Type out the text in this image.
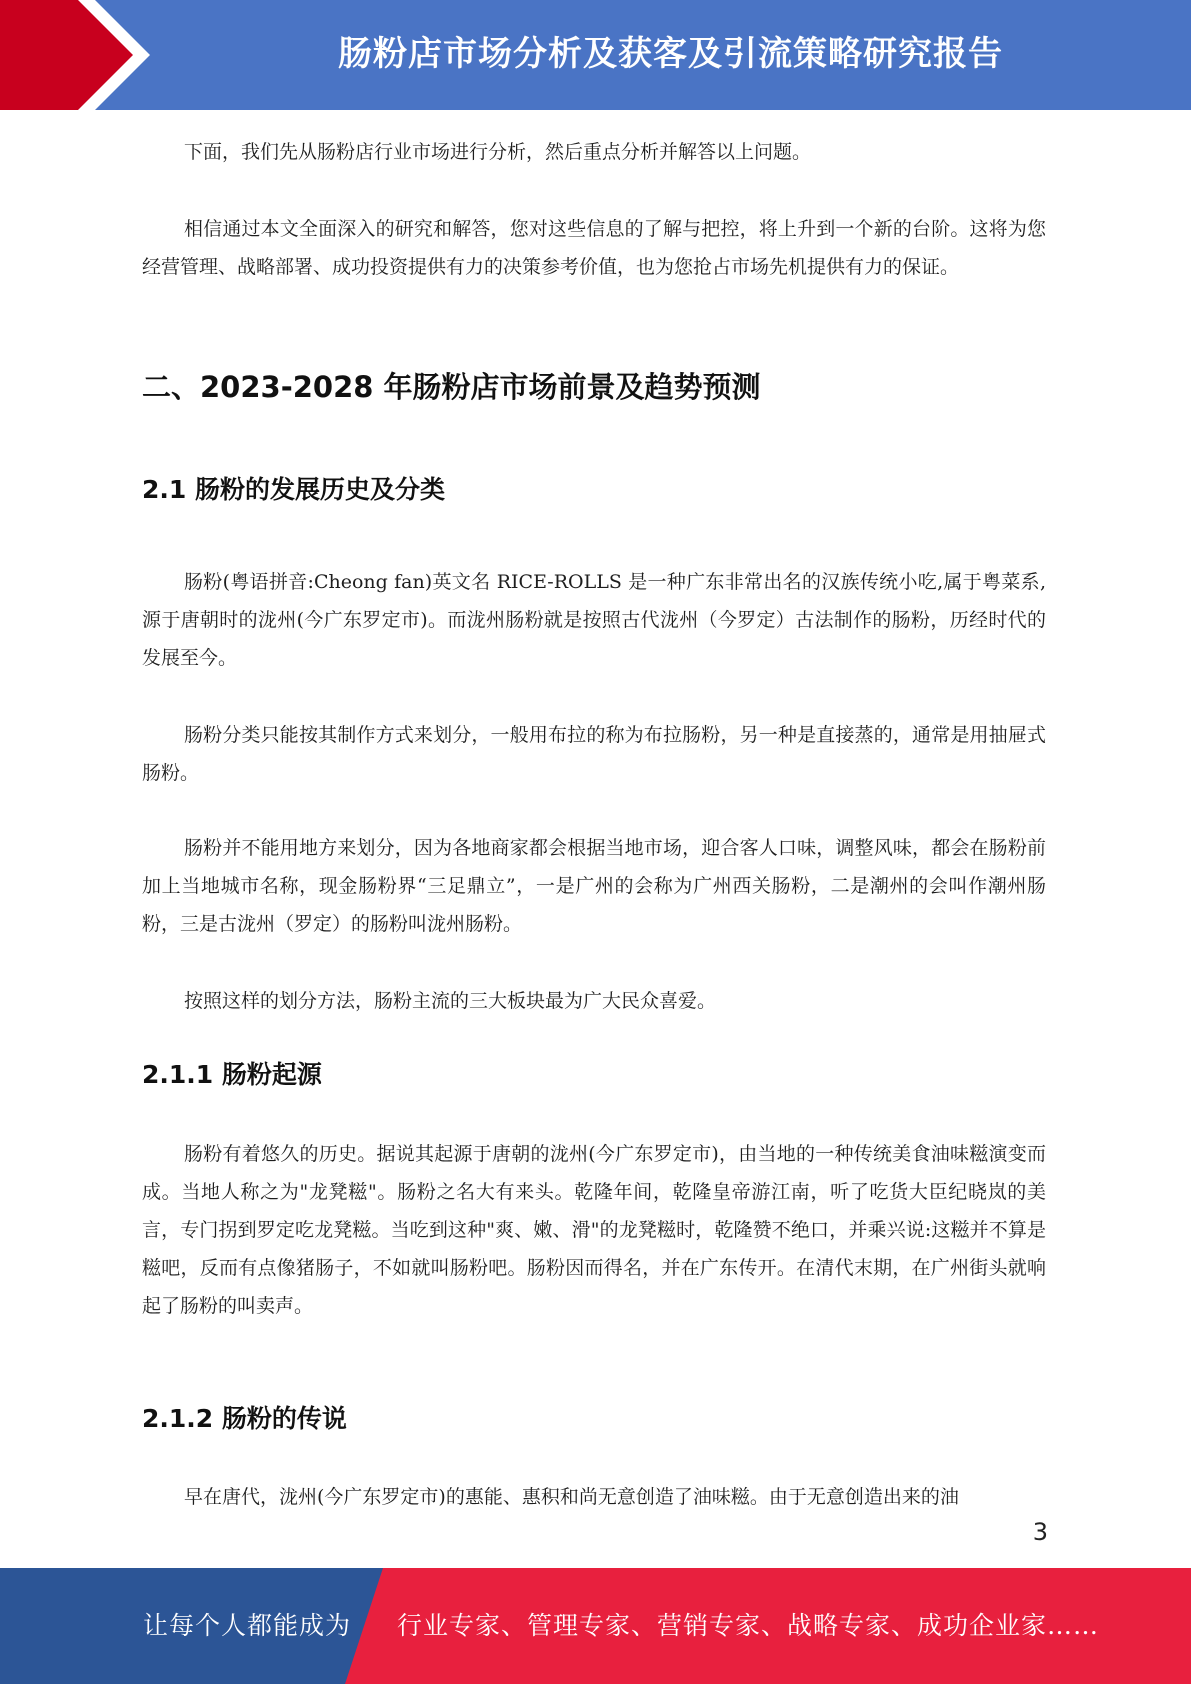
肠粉店市场分析及获客及引流策略研究报告

下面，我们先从肠粉店行业市场进行分析，然后重点分析并解答以上问题。

相信通过本文全面深入的研究和解答，您对这些信息的了解与把控，将上升到一个新的台阶。这将为您经营管理、战略部署、成功投资提供有力的决策参考价值，也为您抢占市场先机提供有力的保证。

二、2023-2028 年肠粉店市场前景及趋势预测
2.1 肠粉的发展历史及分类

肠粉(粤语拼音:Cheong fan)英文名 RICE-ROLLS 是一种广东非常出名的汉族传统小吃,属于粤菜系,源于唐朝时的泷州(今广东罗定市)。而泷州肠粉就是按照古代泷州（今罗定）古法制作的肠粉，历经时代的发展至今。

肠粉分类只能按其制作方式来划分，一般用布拉的称为布拉肠粉，另一种是直接蒸的，通常是用抽屉式肠粉。

肠粉并不能用地方来划分，因为各地商家都会根据当地市场，迎合客人口味，调整风味，都会在肠粉前加上当地城市名称，现金肠粉界“三足鼎立”，一是广州的会称为广州西关肠粉，二是潮州的会叫作潮州肠粉，三是古泷州（罗定）的肠粉叫泷州肠粉。

按照这样的划分方法，肠粉主流的三大板块最为广大民众喜爱。

2.1.1 肠粉起源

肠粉有着悠久的历史。据说其起源于唐朝的泷州(今广东罗定市)，由当地的一种传统美食油味糍演变而成。当地人称之为"龙凳糍"。肠粉之名大有来头。乾隆年间，乾隆皇帝游江南，听了吃货大臣纪晓岚的美言，专门拐到罗定吃龙凳糍。当吃到这种"爽、嫩、滑"的龙凳糍时，乾隆赞不绝口，并乘兴说:这糍并不算是糍吧，反而有点像猪肠子，不如就叫肠粉吧。肠粉因而得名，并在广东传开。在清代末期，在广州街头就响起了肠粉的叫卖声。

2.1.2 肠粉的传说

早在唐代，泷州(今广东罗定市)的惠能、惠积和尚无意创造了油味糍。由于无意创造出来的油

3
让每个人都能成为 行业专家、管理专家、营销专家、战略专家、成功企业家……
